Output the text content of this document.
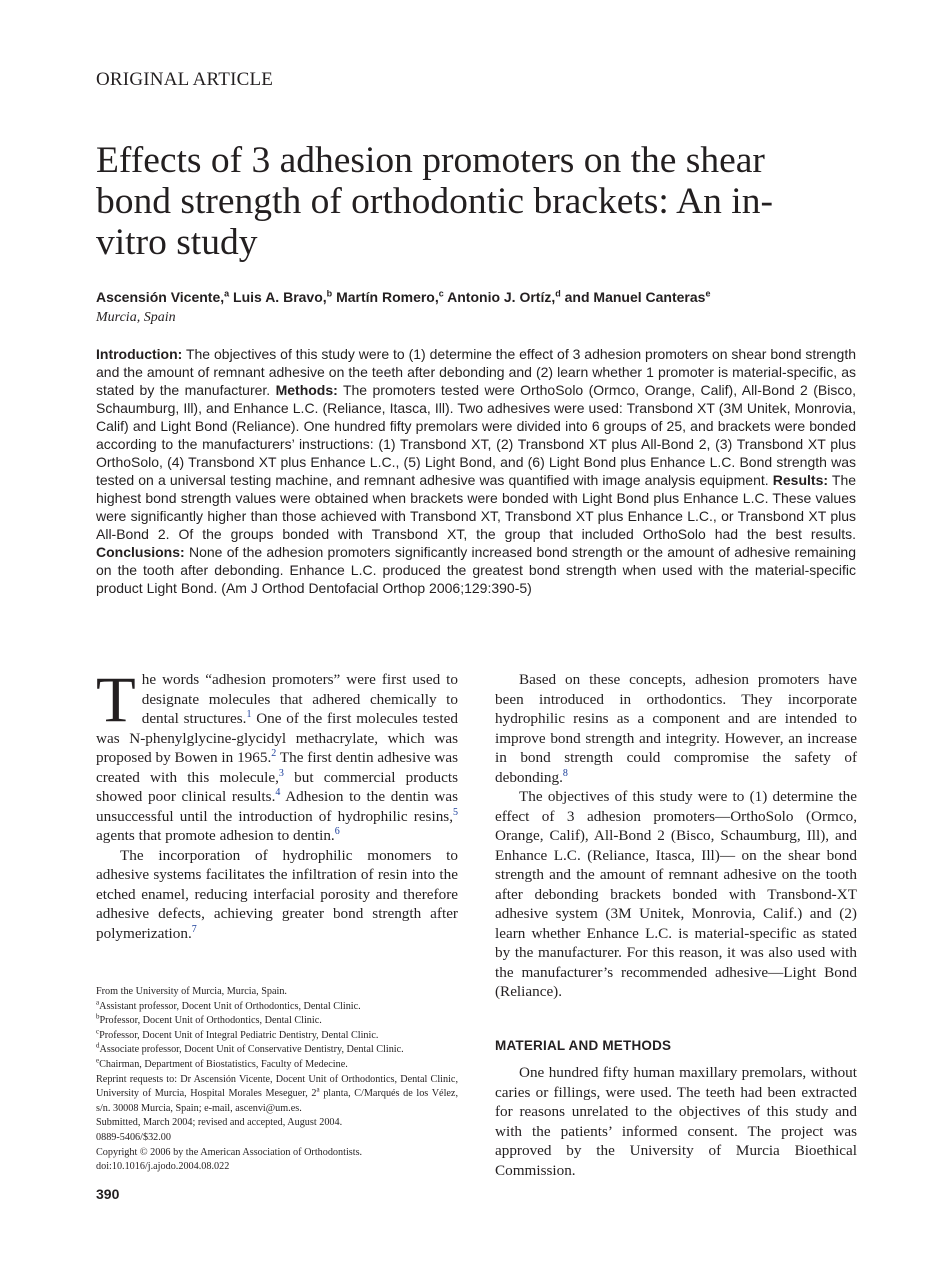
ORIGINAL ARTICLE
Effects of 3 adhesion promoters on the shear bond strength of orthodontic brackets: An in-vitro study
Ascensión Vicente,$^a$ Luis A. Bravo,$^b$ Martín Romero,$^c$ Antonio J. Ortíz,$^d$ and Manuel Canteras$^e$
Murcia, Spain
Introduction: The objectives of this study were to (1) determine the effect of 3 adhesion promoters on shear bond strength and the amount of remnant adhesive on the teeth after debonding and (2) learn whether 1 promoter is material-specific, as stated by the manufacturer. Methods: The promoters tested were OrthoSolo (Ormco, Orange, Calif), All-Bond 2 (Bisco, Schaumburg, Ill), and Enhance L.C. (Reliance, Itasca, Ill). Two adhesives were used: Transbond XT (3M Unitek, Monrovia, Calif) and Light Bond (Reliance). One hundred fifty premolars were divided into 6 groups of 25, and brackets were bonded according to the manufacturers’ instructions: (1) Transbond XT, (2) Transbond XT plus All-Bond 2, (3) Transbond XT plus OrthoSolo, (4) Transbond XT plus Enhance L.C., (5) Light Bond, and (6) Light Bond plus Enhance L.C. Bond strength was tested on a universal testing machine, and remnant adhesive was quantified with image analysis equipment. Results: The highest bond strength values were obtained when brackets were bonded with Light Bond plus Enhance L.C. These values were significantly higher than those achieved with Transbond XT, Transbond XT plus Enhance L.C., or Transbond XT plus All-Bond 2. Of the groups bonded with Transbond XT, the group that included OrthoSolo had the best results. Conclusions: None of the adhesion promoters significantly increased bond strength or the amount of adhesive remaining on the tooth after debonding. Enhance L.C. produced the greatest bond strength when used with the material-specific product Light Bond. (Am J Orthod Dentofacial Orthop 2006;129:390-5)

The words “adhesion promoters” were first used to designate molecules that adhered chemically to dental structures.$^1$ One of the first molecules tested was N-phenylglycine-glycidyl methacrylate, which was proposed by Bowen in 1965.$^2$ The first dentin adhesive was created with this molecule,$^3$ but commercial products showed poor clinical results.$^4$ Adhesion to the dentin was unsuccessful until the introduction of hydrophilic resins,$^5$ agents that promote adhesion to dentin.$^6$

The incorporation of hydrophilic monomers to adhesive systems facilitates the infiltration of resin into the etched enamel, reducing interfacial porosity and therefore adhesive defects, achieving greater bond strength after polymerization.$^7$

From the University of Murcia, Murcia, Spain.
$^a$Assistant professor, Docent Unit of Orthodontics, Dental Clinic.
$^b$Professor, Docent Unit of Orthodontics, Dental Clinic.
$^c$Professor, Docent Unit of Integral Pediatric Dentistry, Dental Clinic.
$^d$Associate professor, Docent Unit of Conservative Dentistry, Dental Clinic.
$^e$Chairman, Department of Biostatistics, Faculty of Medecine.
Reprint requests to: Dr Ascensión Vicente, Docent Unit of Orthodontics, Dental Clinic, University of Murcia, Hospital Morales Meseguer, 2$^a$ planta, C/Marqués de los Vélez, s/n. 30008 Murcia, Spain; e-mail, ascenvi@um.es.
Submitted, March 2004; revised and accepted, August 2004.
0889-5406/$32.00
Copyright © 2006 by the American Association of Orthodontists.
doi:10.1016/j.ajodo.2004.08.022

Based on these concepts, adhesion promoters have been introduced in orthodontics. They incorporate hydrophilic resins as a component and are intended to improve bond strength and integrity. However, an increase in bond strength could compromise the safety of debonding.$^8$

The objectives of this study were to (1) determine the effect of 3 adhesion promoters—OrthoSolo (Ormco, Orange, Calif), All-Bond 2 (Bisco, Schaumburg, Ill), and Enhance L.C. (Reliance, Itasca, Ill)— on the shear bond strength and the amount of remnant adhesive on the tooth after debonding brackets bonded with Transbond-XT adhesive system (3M Unitek, Monrovia, Calif.) and (2) learn whether Enhance L.C. is material-specific as stated by the manufacturer. For this reason, it was also used with the manufacturer’s recommended adhesive—Light Bond (Reliance).

MATERIAL AND METHODS

One hundred fifty human maxillary premolars, without caries or fillings, were used. The teeth had been extracted for reasons unrelated to the objectives of this study and with the patients’ informed consent. The project was approved by the University of Murcia Bioethical Commission.

390
